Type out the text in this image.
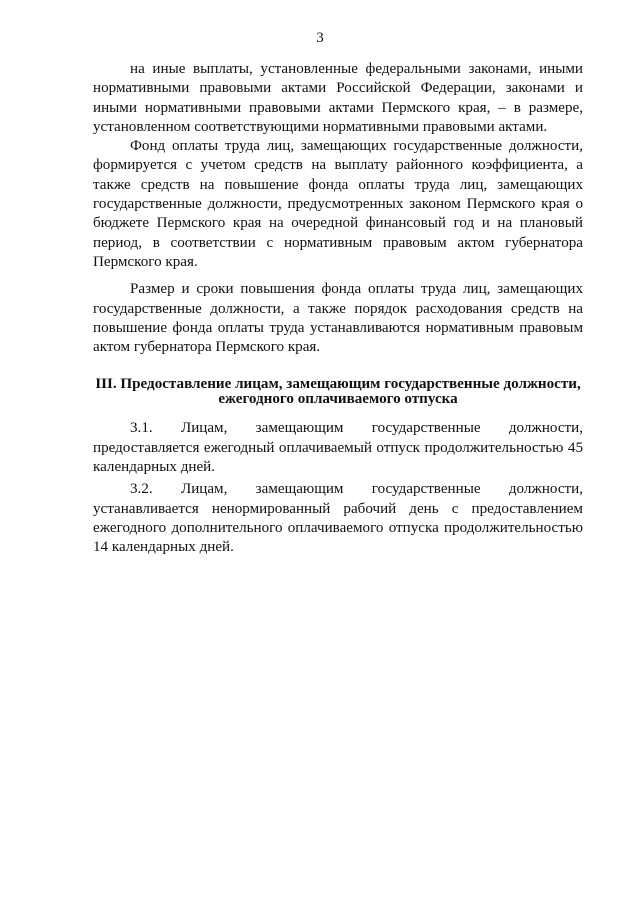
3

на иные выплаты, установленные федеральными законами, иными нормативными правовыми актами Российской Федерации, законами и иными нормативными правовыми актами Пермского края, – в размере, установленном соответствующими нормативными правовыми актами.

Фонд оплаты труда лиц, замещающих государственные должности, формируется с учетом средств на выплату районного коэффициента, а также средств на повышение фонда оплаты труда лиц, замещающих государственные должности, предусмотренных законом Пермского края о бюджете Пермского края на очередной финансовый год и на плановый период, в соответствии с нормативным правовым актом губернатора Пермского края.

Размер и сроки повышения фонда оплаты труда лиц, замещающих государственные должности, а также порядок расходования средств на повышение фонда оплаты труда устанавливаются нормативным правовым актом губернатора Пермского края.

III. Предоставление лицам, замещающим государственные должности,
ежегодного оплачиваемого отпуска

3.1. Лицам, замещающим государственные должности, предоставляется ежегодный оплачиваемый отпуск продолжительностью 45 календарных дней.

3.2. Лицам, замещающим государственные должности, устанавливается ненормированный рабочий день с предоставлением ежегодного дополнительного оплачиваемого отпуска продолжительностью 14 календарных дней.
